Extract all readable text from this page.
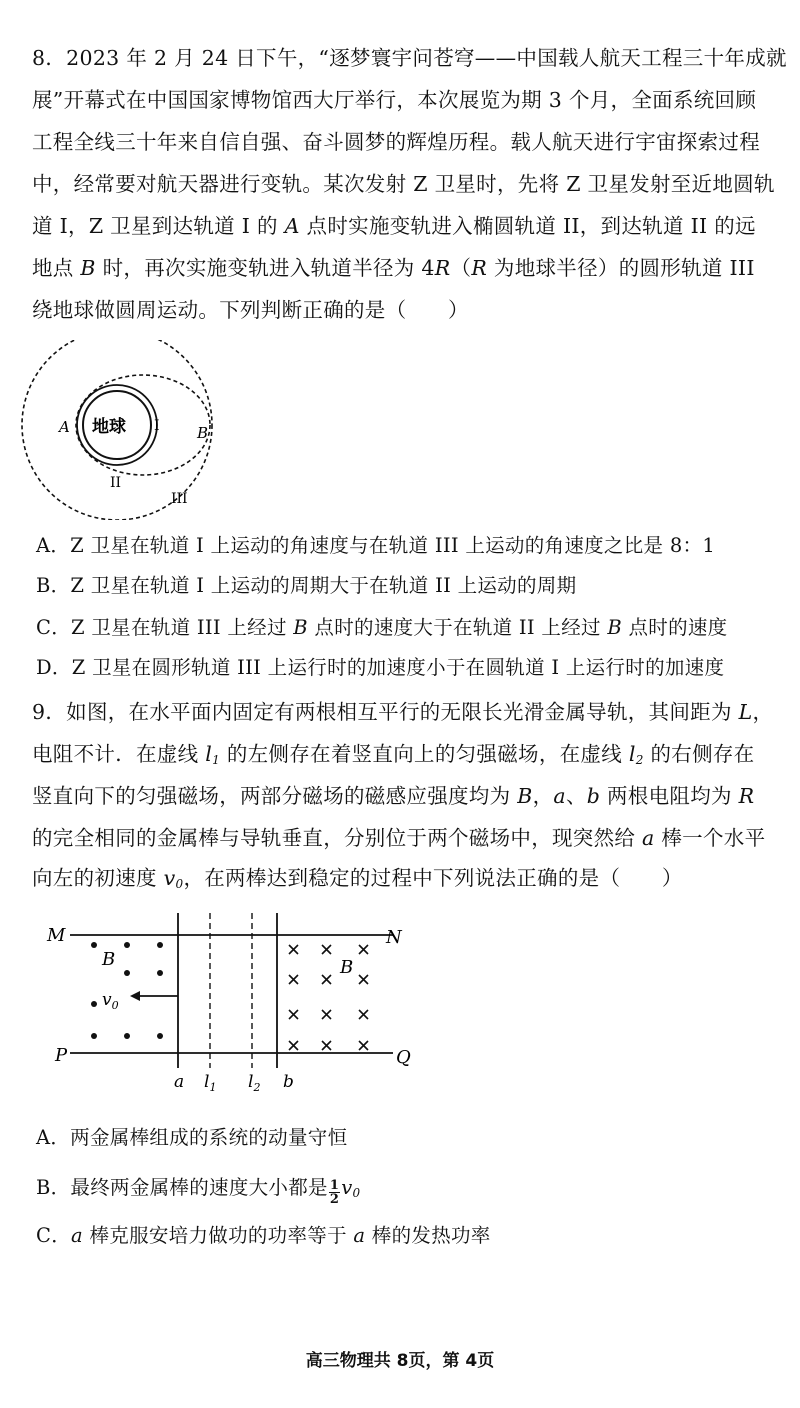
8．2023 年 2 月 24 日下午，“逐梦寰宇问苍穹——中国载人航天工程三十年成就
展”开幕式在中国国家博物馆西大厅举行，本次展览为期 3 个月，全面系统回顾
工程全线三十年来自信自强、奋斗圆梦的辉煌历程。载人航天进行宇宙探索过程
中，经常要对航天器进行变轨。某次发射 Z 卫星时，先将 Z 卫星发射至近地圆轨
道 I，Z 卫星到达轨道 I 的 A 点时实施变轨进入椭圆轨道 II，到达轨道 II 的远
地点 B 时，再次实施变轨进入轨道半径为 4R（R 为地球半径）的圆形轨道 III
绕地球做圆周运动。下列判断正确的是（　　）
地球
A	I B
II
III
A．Z 卫星在轨道 I 上运动的角速度与在轨道 III 上运动的角速度之比是 8：1
B．Z 卫星在轨道 I 上运动的周期大于在轨道 II 上运动的周期
C．Z 卫星在轨道 III 上经过 B 点时的速度大于在轨道 II 上经过 B 点时的速度
D．Z 卫星在圆形轨道 III 上运行时的加速度小于在圆轨道 I 上运行时的加速度
9．如图，在水平面内固定有两根相互平行的无限长光滑金属导轨，其间距为 L，
电阻不计．在虚线 $l_1$ 的左侧存在着竖直向上的匀强磁场，在虚线 $l_2$ 的右侧存在
竖直向下的匀强磁场，两部分磁场的磁感应强度均为 B，a、b 两根电阻均为 R
的完全相同的金属棒与导轨垂直，分别位于两个磁场中，现突然给 a 棒一个水平
向左的初速度 $v_0$，在两棒达到稳定的过程中下列说法正确的是（　　）
M	N
P	Q
B	B
$v_0$
a $l_1$ $l_2$ b
A．两金属棒组成的系统的动量守恒
B．最终两金属棒的速度大小都是 $\frac{1}{2} v_0$
C．a 棒克服安培力做功的功率等于 a 棒的发热功率
高三物理共 8页，第 4页
